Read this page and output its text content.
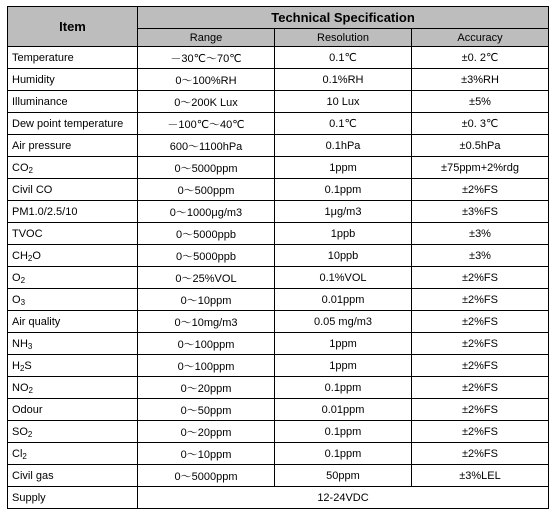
Item	Technical Specification		
	Range	Resolution	Accuracy
Temperature	－30℃～70℃	0.1℃	±0. 2℃
Humidity	0～100%RH	0.1%RH	±3%RH
Illuminance	0～200K Lux	10 Lux	±5%
Dew point temperature	－100℃～40℃	0.1℃	±0. 3℃
Air pressure	600～1100hPa	0.1hPa	±0.5hPa
$CO_2$	0～5000ppm	1ppm	±75ppm+2%rdg
Civil CO	0～500ppm	0.1ppm	±2%FS
PM1.0/2.5/10	0～1000μg/m3	1μg/m3	±3%FS
TVOC	0～5000ppb	1ppb	±3%
$CH_2O$	0～5000ppb	10ppb	±3%
$O_2$	0～25%VOL	0.1%VOL	±2%FS
$O_3$	0～10ppm	0.01ppm	±2%FS
Air quality	0～10mg/m3	0.05 mg/m3	±2%FS
$NH_3$	0～100ppm	1ppm	±2%FS
$H_2S$	0～100ppm	1ppm	±2%FS
$NO_2$	0～20ppm	0.1ppm	±2%FS
Odour	0～50ppm	0.01ppm	±2%FS
$SO_2$	0～20ppm	0.1ppm	±2%FS
$Cl_2$	0～10ppm	0.1ppm	±2%FS
Civil gas	0～5000ppm	50ppm	±3%LEL
Supply	12-24VDC		
